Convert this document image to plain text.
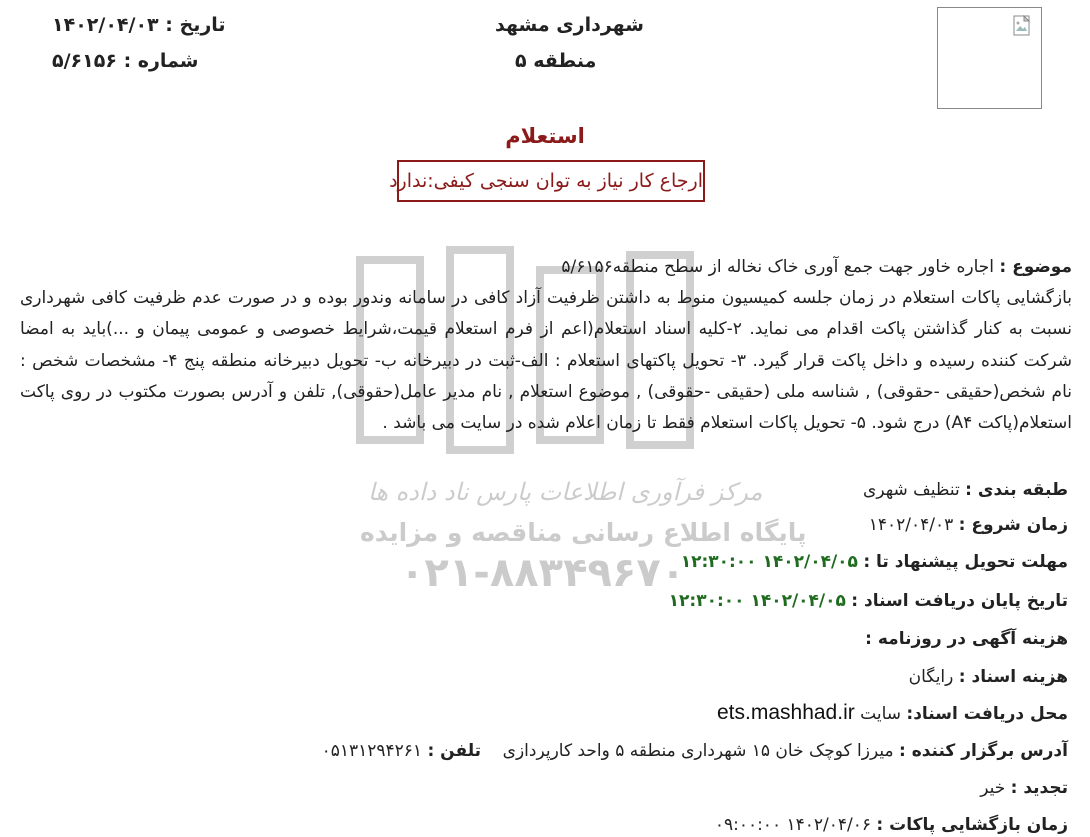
شهرداری مشهد
منطقه ۵
تاریخ : ۱۴۰۲/۰۴/۰۳
شماره : ۵/۶۱۵۶
استعلام
ارجاع کار نیاز به توان سنجی کیفی:ندارد
مرکز فرآوری اطلاعات پارس ناد داده ها
پایگاه اطلاع رسانی مناقصه و مزایده
۰۲۱-۸۸۳۴۹۶۷۰
موضوع : اجاره خاور جهت جمع آوری خاک نخاله از سطح منطقه۵/۶۱۵۶
بازگشایی پاکات استعلام در زمان جلسه کمیسیون منوط به داشتن ظرفیت آزاد کافی در سامانه وندور بوده و در صورت عدم ظرفیت کافی شهرداری نسبت به کنار گذاشتن پاکت اقدام می نماید. ۲-کلیه اسناد استعلام(اعم از فرم استعلام قیمت،شرایط خصوصی و عمومی پیمان و ...)باید به امضا شرکت کننده رسیده و داخل پاکت قرار گیرد. ۳- تحویل پاکتهای استعلام : الف-ثبت در دبیرخانه ب- تحویل دبیرخانه منطقه پنج ۴- مشخصات شخص : نام شخص(حقیقی -حقوقی) , شناسه ملی (حقیقی -حقوقی) , موضوع استعلام , نام مدیر عامل(حقوقی), تلفن و آدرس بصورت مکتوب در روی پاکت استعلام(پاکت A۴) درج شود. ۵- تحویل پاکات استعلام فقط تا زمان اعلام شده در سایت می باشد .
طبقه بندی : تنظیف شهری
زمان شروع : ۱۴۰۲/۰۴/۰۳
مهلت تحویل پیشنهاد تا : ۱۴۰۲/۰۴/۰۵ ۱۲:۳۰:۰۰
تاریخ پایان دریافت اسناد : ۱۴۰۲/۰۴/۰۵ ۱۲:۳۰:۰۰
هزینه آگهی در روزنامه :
هزینه اسناد : رایگان
محل دریافت اسناد: سایت ets.mashhad.ir
آدرس برگزار کننده : میرزا کوچک خان ۱۵ شهرداری منطقه ۵ واحد کارپردازی    تلفن : ۰۵۱۳۱۲۹۴۲۶۱
تجدید : خیر
زمان بازگشایی پاکات : ۱۴۰۲/۰۴/۰۶ ۰۹:۰۰:۰۰
